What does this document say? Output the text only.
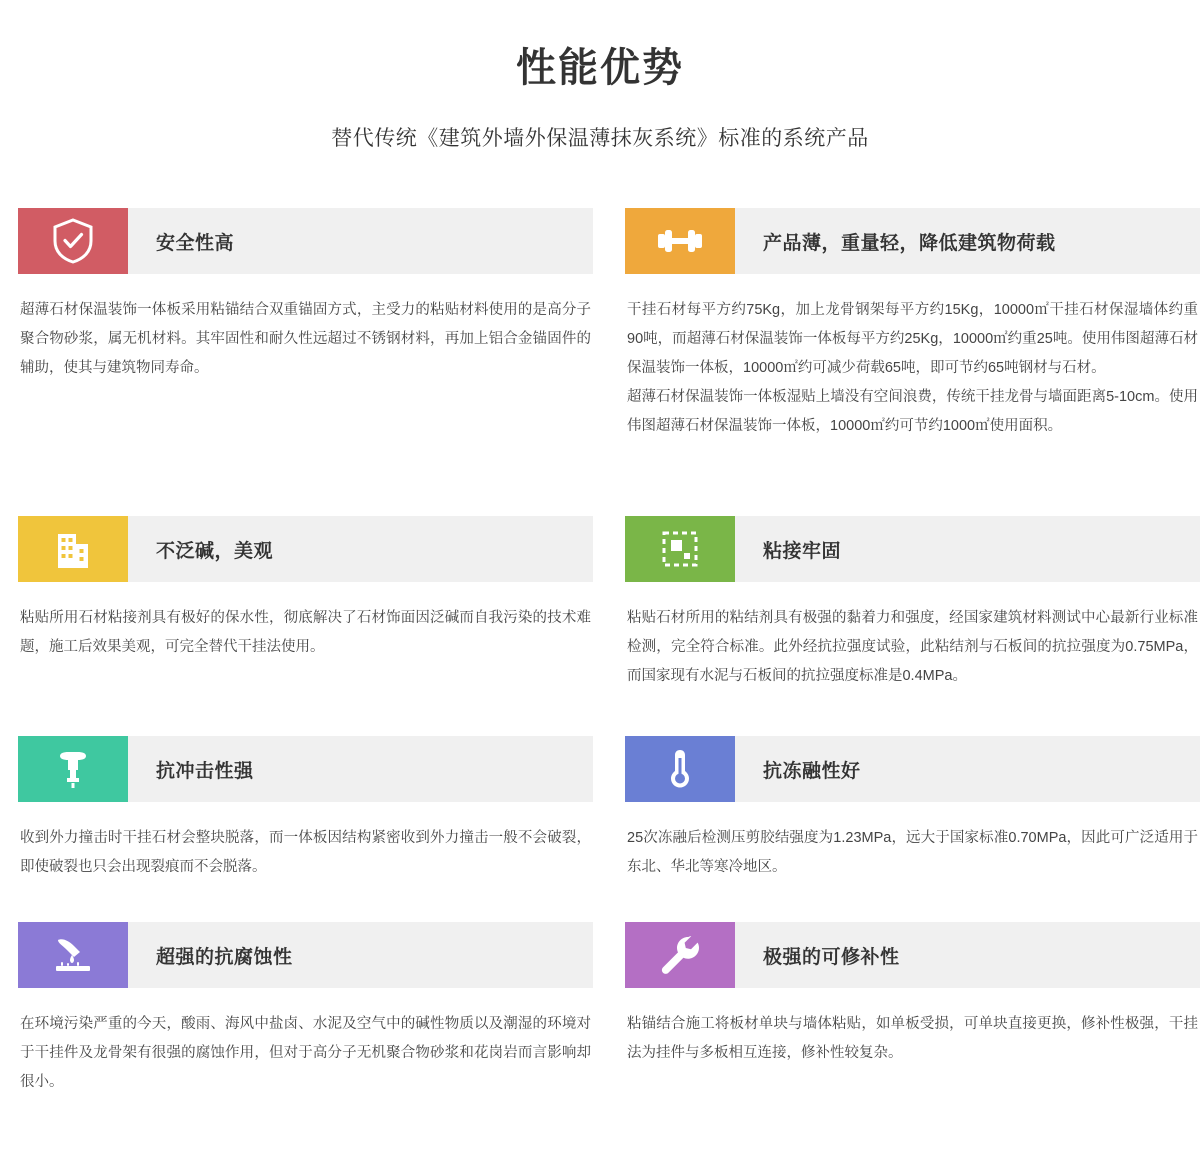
性能优势
替代传统《建筑外墙外保温薄抹灰系统》标准的系统产品
安全性高

超薄石材保温装饰一体板采用粘锚结合双重锚固方式，主受力的粘贴材料使用的是高分子聚合物砂浆，属无机材料。其牢固性和耐久性远超过不锈钢材料，再加上铝合金锚固件的辅助，使其与建筑物同寿命。

产品薄，重量轻，降低建筑物荷载

干挂石材每平方约75Kg，加上龙骨钢架每平方约15Kg，10000㎡干挂石材保湿墙体约重90吨，而超薄石材保温装饰一体板每平方约25Kg，10000㎡约重25吨。使用伟图超薄石材保温装饰一体板，10000㎡约可减少荷载65吨，即可节约65吨钢材与石材。

超薄石材保温装饰一体板湿贴上墙没有空间浪费，传统干挂龙骨与墙面距离5-10cm。使用伟图超薄石材保温装饰一体板，10000㎡约可节约1000㎡使用面积。

不泛碱，美观

粘贴所用石材粘接剂具有极好的保水性，彻底解决了石材饰面因泛碱而自我污染的技术难题，施工后效果美观，可完全替代干挂法使用。

粘接牢固

粘贴石材所用的粘结剂具有极强的黏着力和强度，经国家建筑材料测试中心最新行业标准检测，完全符合标准。此外经抗拉强度试验，此粘结剂与石板间的抗拉强度为0.75MPa，而国家现有水泥与石板间的抗拉强度标准是0.4MPa。

抗冲击性强

收到外力撞击时干挂石材会整块脱落，而一体板因结构紧密收到外力撞击一般不会破裂，即使破裂也只会出现裂痕而不会脱落。

抗冻融性好

25次冻融后检测压剪胶结强度为1.23MPa，远大于国家标准0.70MPa，因此可广泛适用于东北、华北等寒冷地区。

超强的抗腐蚀性

在环境污染严重的今天，酸雨、海风中盐卤、水泥及空气中的碱性物质以及潮湿的环境对于干挂件及龙骨架有很强的腐蚀作用，但对于高分子无机聚合物砂浆和花岗岩而言影响却很小。

极强的可修补性

粘锚结合施工将板材单块与墙体粘贴，如单板受损，可单块直接更换，修补性极强，干挂法为挂件与多板相互连接，修补性较复杂。
